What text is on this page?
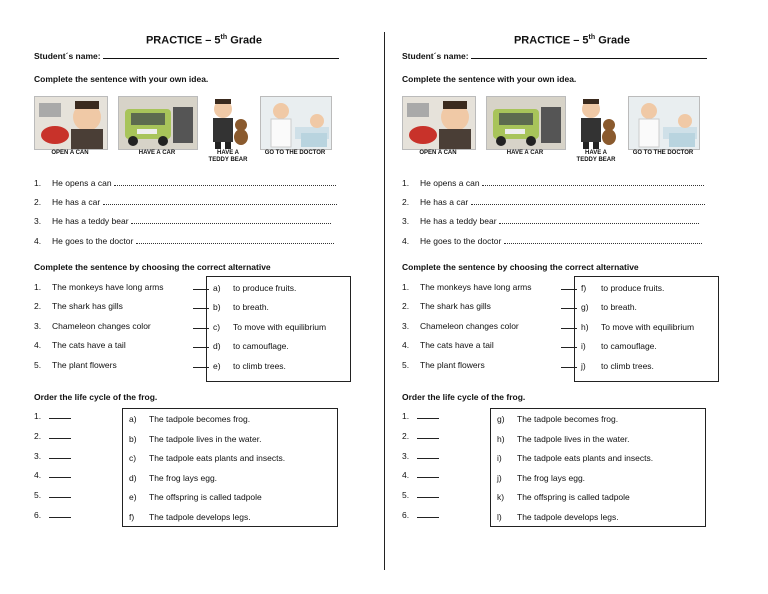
PRACTICE – 5th Grade
Student´s name:
Complete the sentence with your own idea.
OPEN A CAN	HAVE A CAR	HAVE A
TEDDY BEAR
GO TO THE DOCTOR
1. He opens a can
2. He has a car
3. He has a teddy bear
4. He goes to the doctor
Complete the sentence by choosing the correct alternative
1. The monkeys have long arms
2. The shark has gills
3. Chameleon changes color
4. The cats have a tail
5. The plant flowers
a) to produce fruits.
b) to breath.
c) To move with equilibrium
d) to camouflage.
e) to climb trees.
Order the life cycle of the frog.
1.
2.
3.
4.
5.
6.
a) The tadpole becomes frog.
b) The tadpole lives in the water.
c) The tadpole eats plants and insects.
d) The frog lays egg.
e) The offspring is called tadpole
f) The tadpole develops legs.
PRACTICE – 5th Grade
Student´s name:
Complete the sentence with your own idea.
OPEN A CAN	HAVE A CAR	HAVE A
TEDDY BEAR
GO TO THE DOCTOR
1. He opens a can
2. He has a car
3. He has a teddy bear
4. He goes to the doctor
Complete the sentence by choosing the correct alternative
1. The monkeys have long arms
2. The shark has gills
3. Chameleon changes color
4. The cats have a tail
5. The plant flowers
f) to produce fruits.
g) to breath.
h) To move with equilibrium
i) to camouflage.
j) to climb trees.
Order the life cycle of the frog.
1.
2.
3.
4.
5.
6.
g) The tadpole becomes frog.
h) The tadpole lives in the water.
i) The tadpole eats plants and insects.
j) The frog lays egg.
k) The offspring is called tadpole
l) The tadpole develops legs.
